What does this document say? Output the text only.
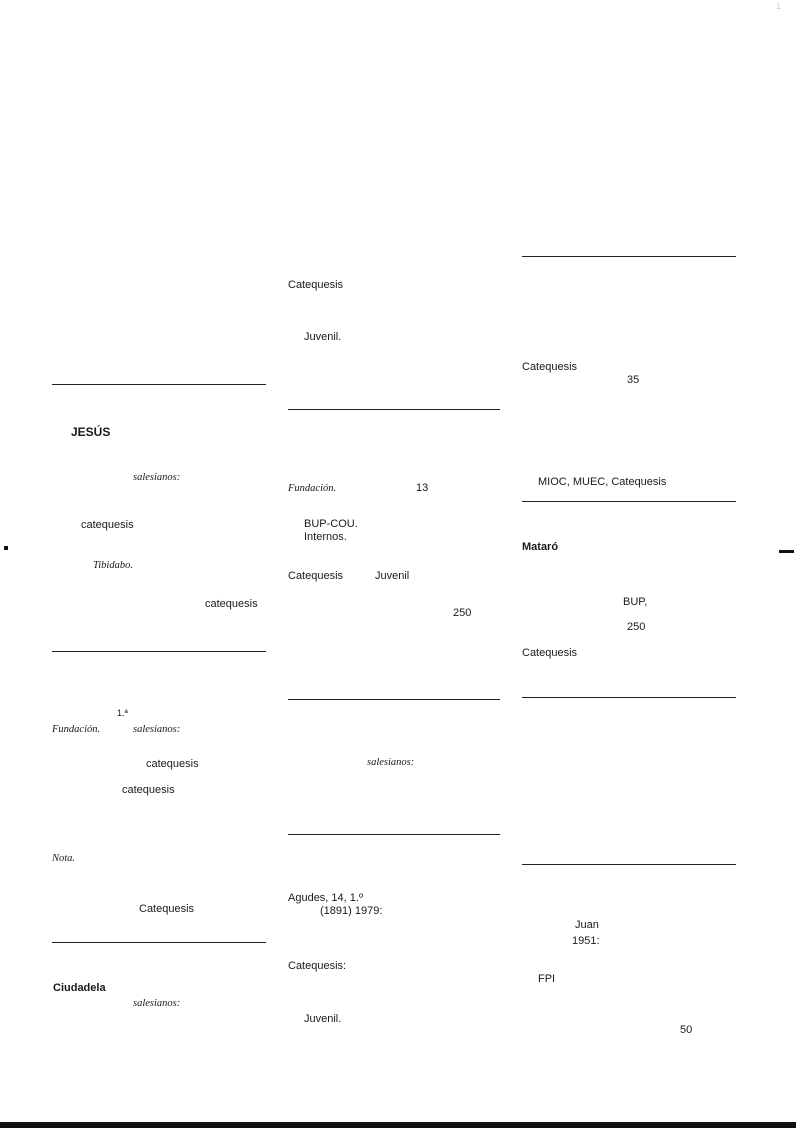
1
JESÚS
salesianos:
catequesis
Tibidabo.
catequesis
1.ª
Fundación.	salesianos:
catequesis
catequesis
Nota.
Catequesis
Ciudadela
salesianos:
Catequesis
Juvenil.
Fundación.	13
BUP-COU.
Internos.
Catequesis	Juvenil
250
salesianos:
Agudes, 14, 1.º
(1891) 1979:
Catequesis:
Juvenil.
Catequesis
35
MIOC, MUEC, Catequesis
Mataró
BUP,
250
Catequesis
Juan
1951:
FPI
50
